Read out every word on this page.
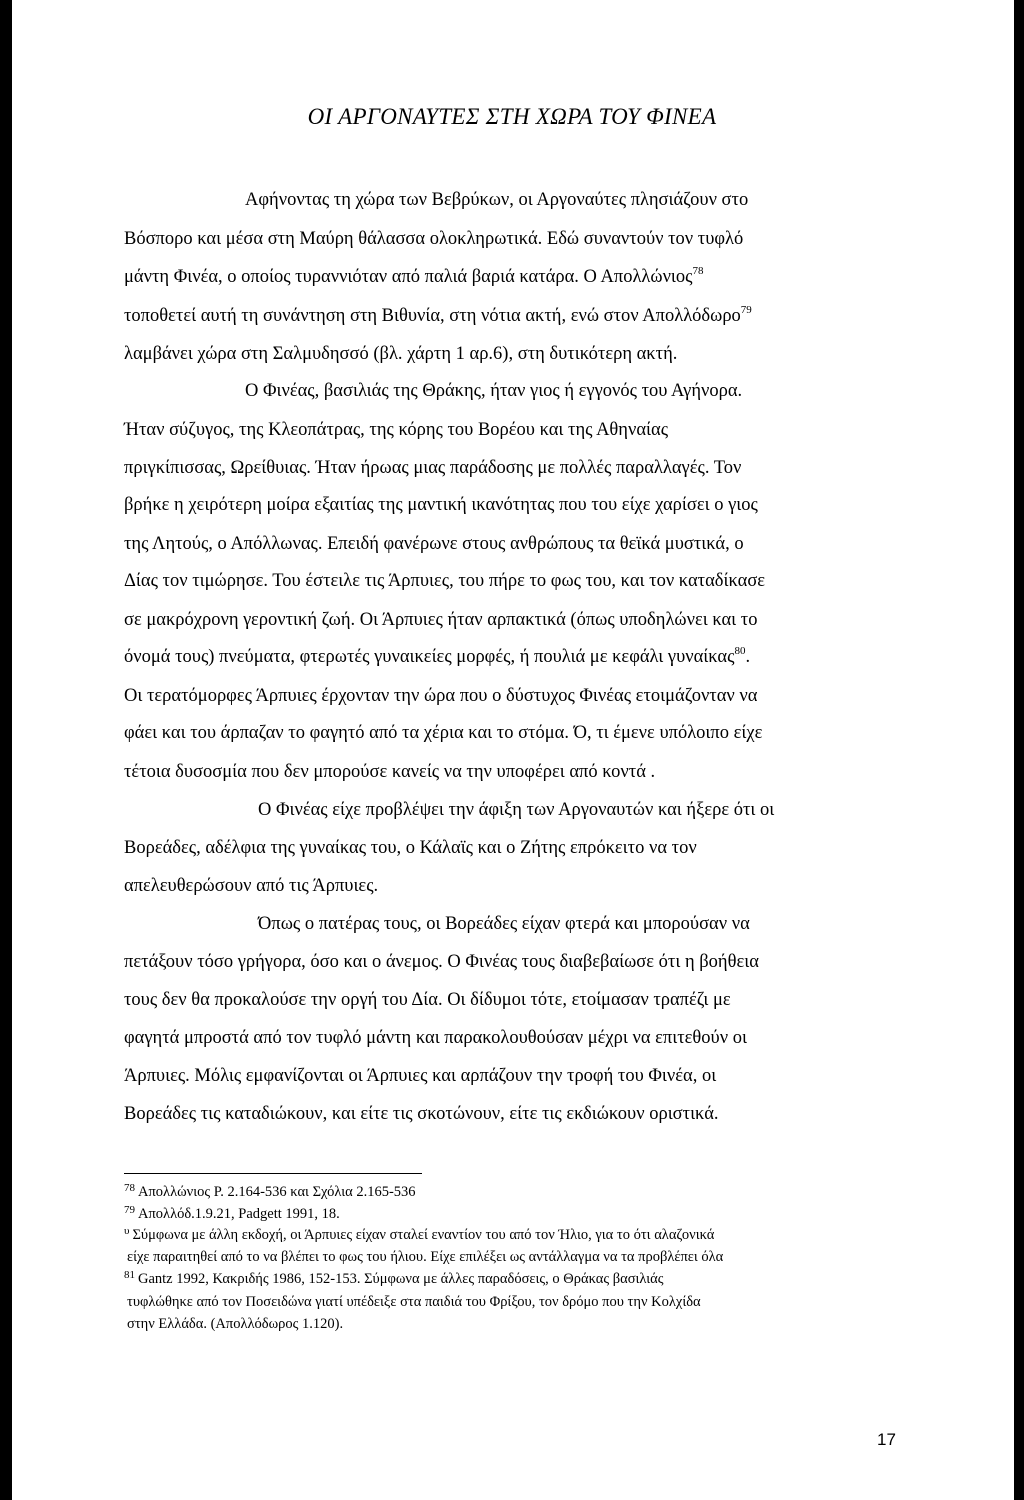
ΟΙ ΑΡΓΟΝΑΥΤΕΣ ΣΤΗ ΧΩΡΑ ΤΟΥ ΦΙΝΕΑ
Αφήνοντας τη χώρα των Βεβρύκων, οι Αργοναύτες πλησιάζουν στο
Βόσπορο και μέσα στη Μαύρη θάλασσα ολοκληρωτικά. Εδώ συναντούν τον τυφλό
μάντη Φινέα, ο οποίος τυραννιόταν από παλιά βαριά κατάρα. Ο Απολλώνιος$^{78}$
τοποθετεί αυτή τη συνάντηση στη Βιθυνία, στη νότια ακτή, ενώ στον Απολλόδωρο$^{79}$
λαμβάνει χώρα στη Σαλμυδησσό (βλ. χάρτη 1 αρ.6), στη δυτικότερη ακτή.
Ο Φινέας, βασιλιάς της Θράκης, ήταν γιος ή εγγονός του Αγήνορα.
Ήταν σύζυγος, της Κλεοπάτρας, της κόρης του Βορέου και της Αθηναίας
πριγκίπισσας, Ωρείθυιας. Ήταν ήρωας μιας παράδοσης με πολλές παραλλαγές. Τον
βρήκε η χειρότερη μοίρα εξαιτίας της μαντική ικανότητας που του είχε χαρίσει ο γιος
της Λητούς, ο Απόλλωνας. Επειδή φανέρωνε στους ανθρώπους τα θεϊκά μυστικά, ο
Δίας τον τιμώρησε. Του έστειλε τις Άρπυιες, του πήρε το φως του, και τον καταδίκασε
σε μακρόχρονη γεροντική ζωή. Οι Άρπυιες ήταν αρπακτικά (όπως υποδηλώνει και το
όνομά τους) πνεύματα, φτερωτές γυναικείες μορφές, ή πουλιά με κεφάλι γυναίκας$^{80}$.
Οι τερατόμορφες Άρπυιες έρχονταν την ώρα που ο δύστυχος Φινέας ετοιμάζονταν να
φάει και του άρπαζαν το φαγητό από τα χέρια και το στόμα. Ό, τι έμενε υπόλοιπο είχε
τέτοια δυσοσμία που δεν μπορούσε κανείς να την υποφέρει από κοντά .
Ο Φινέας είχε προβλέψει την άφιξη των Αργοναυτών και ήξερε ότι οι
Βορεάδες, αδέλφια της γυναίκας του, ο Κάλαϊς και ο Ζήτης επρόκειτο να τον
απελευθερώσουν από τις Άρπυιες.
Όπως ο πατέρας τους, οι Βορεάδες είχαν φτερά και μπορούσαν να
πετάξουν τόσο γρήγορα, όσο και ο άνεμος. Ο Φινέας τους διαβεβαίωσε ότι η βοήθεια
τους δεν θα προκαλούσε την οργή του Δία. Οι δίδυμοι τότε, ετοίμασαν τραπέζι με
φαγητά μπροστά από τον τυφλό μάντη και παρακολουθούσαν μέχρι να επιτεθούν οι
Άρπυιες. Μόλις εμφανίζονται οι Άρπυιες και αρπάζουν την τροφή του Φινέα, οι
Βορεάδες τις καταδιώκουν, και είτε τις σκοτώνουν, είτε τις εκδιώκουν οριστικά.
$^{78}$ Απολλώνιος Ρ. 2.164-536 και Σχόλια 2.165-536
$^{79}$ Απολλόδ.1.9.21, Padgett 1991, 18.
$^\upsilon$ Σύμφωνα με άλλη εκδοχή, οι Άρπυιες είχαν σταλεί εναντίον του από τον Ήλιο, για το ότι αλαζονικά
είχε παραιτηθεί από το να βλέπει το φως του ήλιου. Είχε επιλέξει ως αντάλλαγμα να τα προβλέπει όλα
$^{81}$ Gantz 1992, Κακριδής 1986, 152-153. Σύμφωνα με άλλες παραδόσεις, ο Θράκας βασιλιάς
τυφλώθηκε από τον Ποσειδώνα γιατί υπέδειξε στα παιδιά του Φρίξου, τον δρόμο που την Κολχίδα
στην Ελλάδα. (Απολλόδωρος 1.120).
17
